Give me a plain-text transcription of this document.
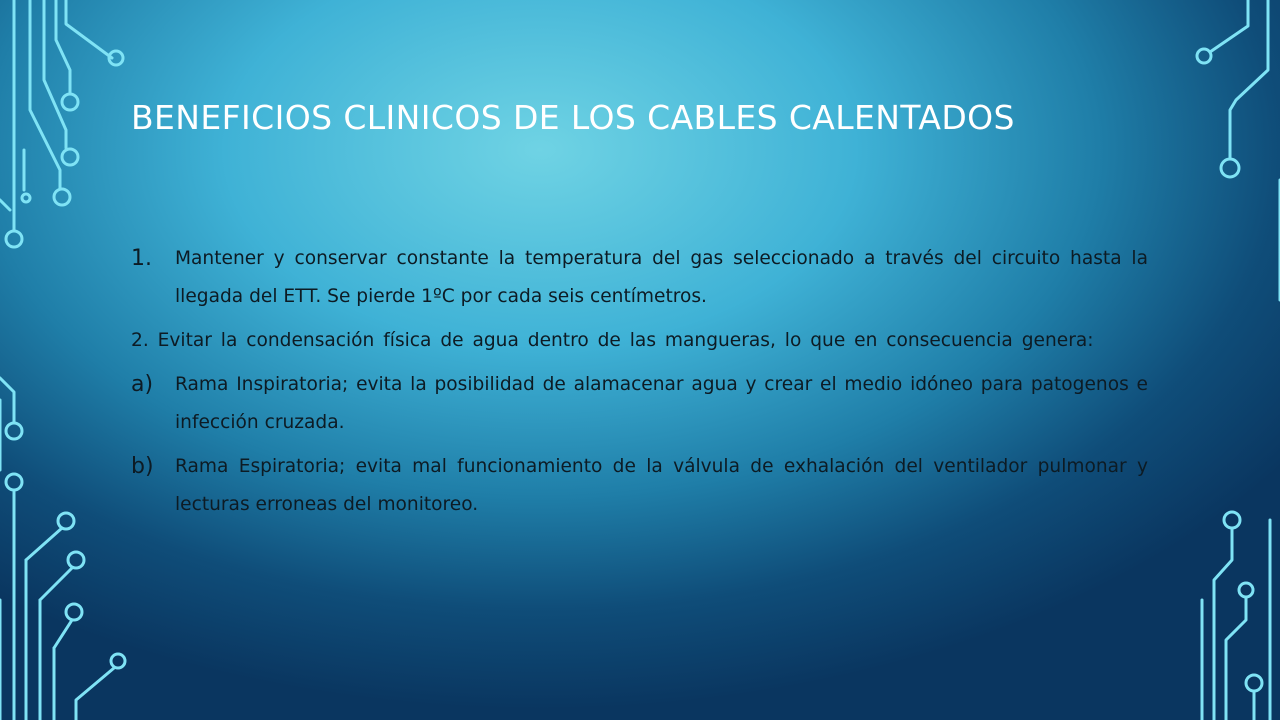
BENEFICIOS CLINICOS DE LOS CABLES CALENTADOS
1.	Mantener y conservar constante la temperatura del gas seleccionado a través del circuito hasta la llegada del ETT. Se pierde 1ºC por cada seis centímetros.
2. Evitar la condensación física de agua dentro de las mangueras, lo que en consecuencia genera:
a)	Rama Inspiratoria; evita la posibilidad de alamacenar agua y crear el medio idóneo para patogenos e infección cruzada.
b)	Rama Espiratoria; evita mal funcionamiento de la válvula de exhalación del ventilador pulmonar y lecturas erroneas del monitoreo.
